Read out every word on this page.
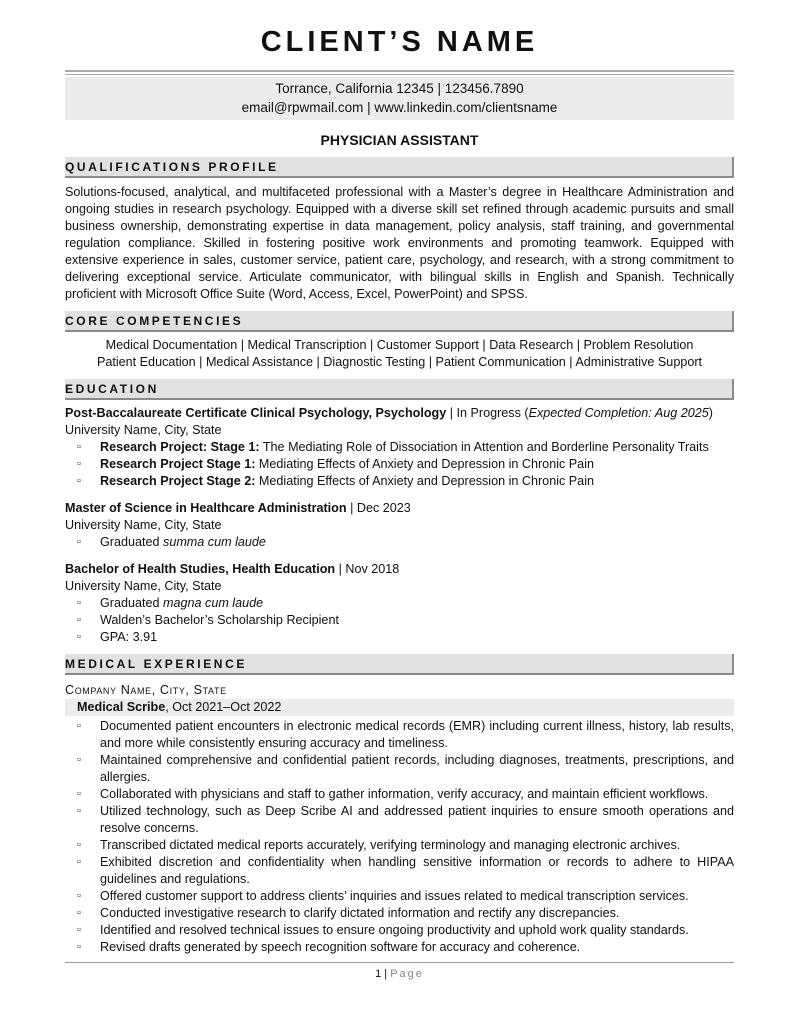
CLIENT’S NAME
Torrance, California 12345 | 123456.7890
email@rpwmail.com | www.linkedin.com/clientsname
PHYSICIAN ASSISTANT
QUALIFICATIONS PROFILE

Solutions-focused, analytical, and multifaceted professional with a Master’s degree in Healthcare Administration and ongoing studies in research psychology. Equipped with a diverse skill set refined through academic pursuits and small business ownership, demonstrating expertise in data management, policy analysis, staff training, and governmental regulation compliance. Skilled in fostering positive work environments and promoting teamwork. Equipped with extensive experience in sales, customer service, patient care, psychology, and research, with a strong commitment to delivering exceptional service. Articulate communicator, with bilingual skills in English and Spanish. Technically proficient with Microsoft Office Suite (Word, Access, Excel, PowerPoint) and SPSS.

CORE COMPETENCIES
Medical Documentation | Medical Transcription | Customer Support | Data Research | Problem Resolution
Patient Education | Medical Assistance | Diagnostic Testing | Patient Communication | Administrative Support
EDUCATION
Post-Baccalaureate Certificate Clinical Psychology, Psychology | In Progress (Expected Completion: Aug 2025)
University Name, City, State
▫ Research Project: Stage 1: The Mediating Role of Dissociation in Attention and Borderline Personality Traits
▫ Research Project Stage 1: Mediating Effects of Anxiety and Depression in Chronic Pain
▫ Research Project Stage 2: Mediating Effects of Anxiety and Depression in Chronic Pain
Master of Science in Healthcare Administration | Dec 2023
University Name, City, State
▫ Graduated summa cum laude
Bachelor of Health Studies, Health Education | Nov 2018
University Name, City, State
▫ Graduated magna cum laude
▫ Walden’s Bachelor’s Scholarship Recipient
▫ GPA: 3.91
MEDICAL EXPERIENCE
Company Name, City, State
Medical Scribe, Oct 2021–Oct 2022
▫ Documented patient encounters in electronic medical records (EMR) including current illness, history, lab results, and more while consistently ensuring accuracy and timeliness.
▫ Maintained comprehensive and confidential patient records, including diagnoses, treatments, prescriptions, and allergies.
▫ Collaborated with physicians and staff to gather information, verify accuracy, and maintain efficient workflows.
▫ Utilized technology, such as Deep Scribe AI and addressed patient inquiries to ensure smooth operations and resolve concerns.
▫ Transcribed dictated medical reports accurately, verifying terminology and managing electronic archives.
▫ Exhibited discretion and confidentiality when handling sensitive information or records to adhere to HIPAA guidelines and regulations.
▫ Offered customer support to address clients’ inquiries and issues related to medical transcription services.
▫ Conducted investigative research to clarify dictated information and rectify any discrepancies.
▫ Identified and resolved technical issues to ensure ongoing productivity and uphold work quality standards.
▫ Revised drafts generated by speech recognition software for accuracy and coherence.
1 | Page
